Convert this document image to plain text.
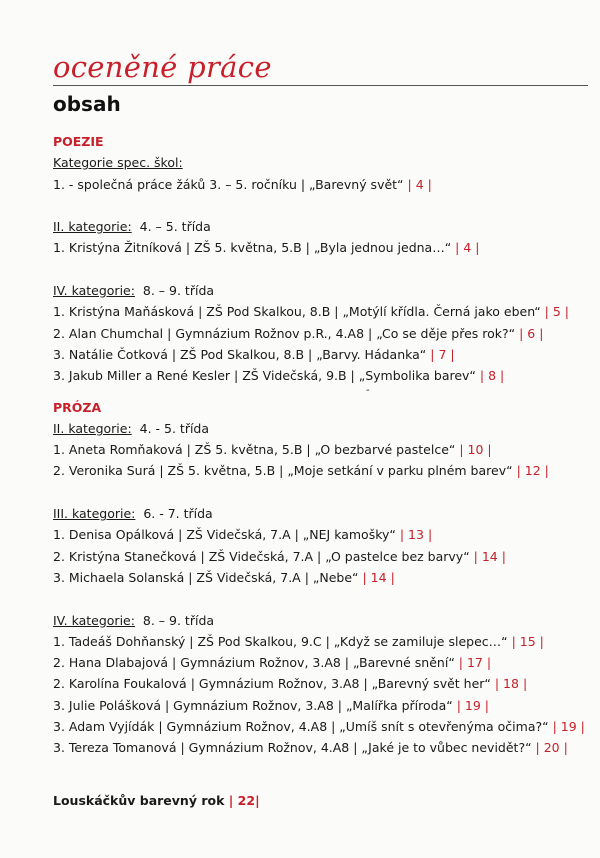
oceněné práce
obsah
-
POEZIE
Kategorie spec. škol:
1. - společná práce žáků 3. – 5. ročníku | „Barevný svět“ | 4 |
II. kategorie: 4. – 5. třída
1. Kristýna Žitníková | ZŠ 5. května, 5.B | „Byla jednou jedna…“ | 4 |
IV. kategorie: 8. – 9. třída
1. Kristýna Maňásková | ZŠ Pod Skalkou, 8.B | „Motýlí křídla. Černá jako eben“ | 5 |
2. Alan Chumchal | Gymnázium Rožnov p.R., 4.A8 | „Co se děje přes rok?“ | 6 |
3. Natálie Čotková | ZŠ Pod Skalkou, 8.B | „Barvy. Hádanka“ | 7 |
3. Jakub Miller a René Kesler | ZŠ Videčská, 9.B | „Symbolika barev“ | 8 |
PRÓZA
II. kategorie: 4. - 5. třída
1. Aneta Romňaková | ZŠ 5. května, 5.B | „O bezbarvé pastelce“ | 10 |
2. Veronika Surá | ZŠ 5. května, 5.B | „Moje setkání v parku plném barev“ | 12 |
III. kategorie: 6. - 7. třída
1. Denisa Opálková | ZŠ Videčská, 7.A | „NEJ kamošky“ | 13 |
2. Kristýna Stanečková | ZŠ Videčská, 7.A | „O pastelce bez barvy“ | 14 |
3. Michaela Solanská | ZŠ Videčská, 7.A | „Nebe“ | 14 |
IV. kategorie: 8. – 9. třída
1. Tadeáš Dohňanský | ZŠ Pod Skalkou, 9.C | „Když se zamiluje slepec…“ | 15 |
2. Hana Dlabajová | Gymnázium Rožnov, 3.A8 | „Barevné snění“ | 17 |
2. Karolína Foukalová | Gymnázium Rožnov, 3.A8 | „Barevný svět her“ | 18 |
3. Julie Polášková | Gymnázium Rožnov, 3.A8 | „Malířka příroda“ | 19 |
3. Adam Vyjídák | Gymnázium Rožnov, 4.A8 | „Umíš snít s otevřenýma očima?“ | 19 |
3. Tereza Tomanová | Gymnázium Rožnov, 4.A8 | „Jaké je to vůbec nevidět?“ | 20 |
Louskáčkův barevný rok | 22|
